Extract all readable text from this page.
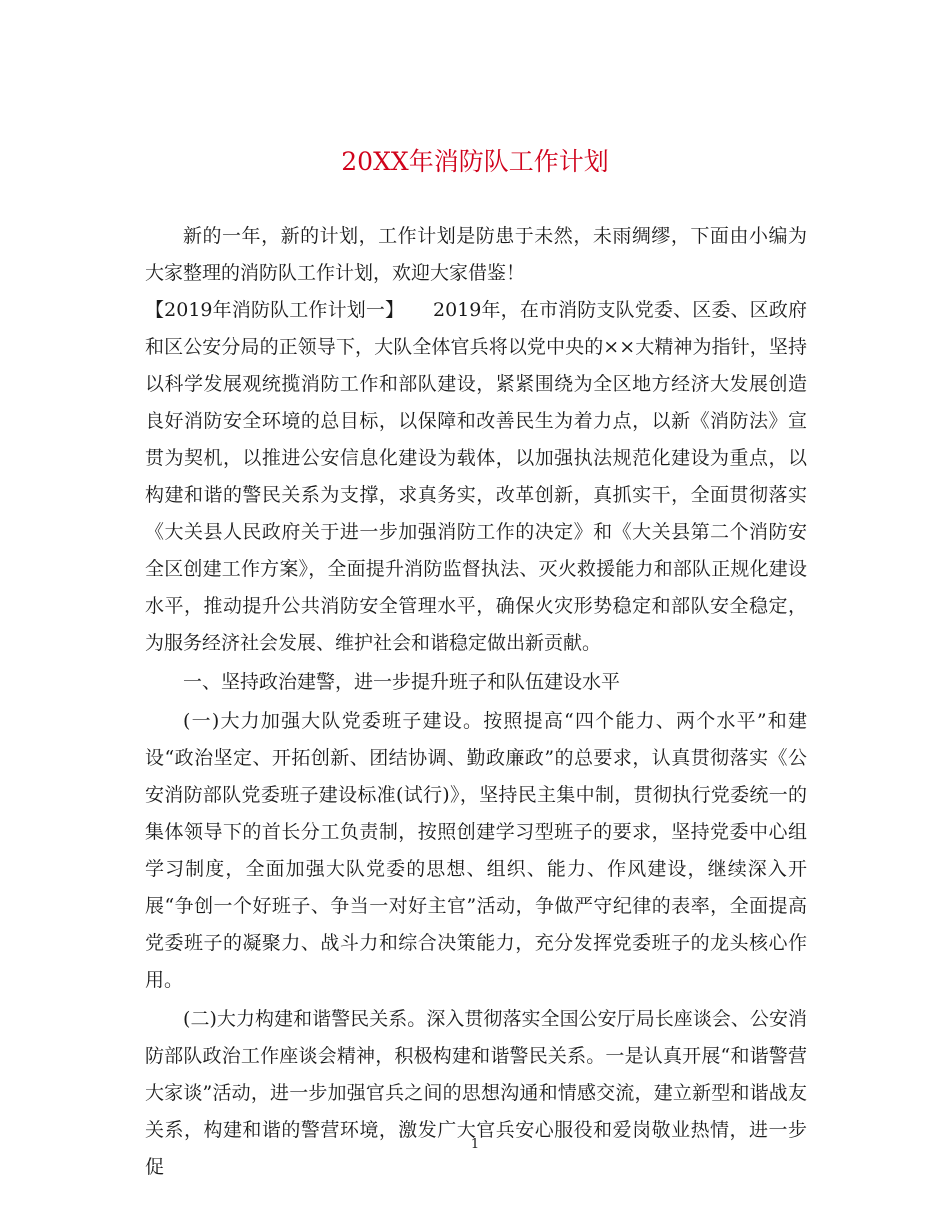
20XX年消防队工作计划

新的一年，新的计划，工作计划是防患于未然，未雨绸缪，下面由小编为大家整理的消防队工作计划，欢迎大家借鉴！

【2019年消防队工作计划一】　　2019年，在市消防支队党委、区委、区政府和区公安分局的正领导下，大队全体官兵将以党中央的××大精神为指针，坚持以科学发展观统揽消防工作和部队建设，紧紧围绕为全区地方经济大发展创造良好消防安全环境的总目标，以保障和改善民生为着力点，以新《消防法》宣贯为契机，以推进公安信息化建设为载体，以加强执法规范化建设为重点，以构建和谐的警民关系为支撑，求真务实，改革创新，真抓实干，全面贯彻落实《大关县人民政府关于进一步加强消防工作的决定》和《大关县第二个消防安全区创建工作方案》，全面提升消防监督执法、灭火救援能力和部队正规化建设水平，推动提升公共消防安全管理水平，确保火灾形势稳定和部队安全稳定，为服务经济社会发展、维护社会和谐稳定做出新贡献。

一、坚持政治建警，进一步提升班子和队伍建设水平

(一)大力加强大队党委班子建设。按照提高“四个能力、两个水平”和建设“政治坚定、开拓创新、团结协调、勤政廉政”的总要求，认真贯彻落实《公安消防部队党委班子建设标准(试行)》，坚持民主集中制，贯彻执行党委统一的集体领导下的首长分工负责制，按照创建学习型班子的要求，坚持党委中心组学习制度，全面加强大队党委的思想、组织、能力、作风建设，继续深入开展“争创一个好班子、争当一对好主官”活动，争做严守纪律的表率，全面提高党委班子的凝聚力、战斗力和综合决策能力，充分发挥党委班子的龙头核心作用。

(二)大力构建和谐警民关系。深入贯彻落实全国公安厅局长座谈会、公安消防部队政治工作座谈会精神，积极构建和谐警民关系。一是认真开展“和谐警营大家谈”活动，进一步加强官兵之间的思想沟通和情感交流，建立新型和谐战友关系，构建和谐的警营环境，激发广大官兵安心服役和爱岗敬业热情，进一步促

1
